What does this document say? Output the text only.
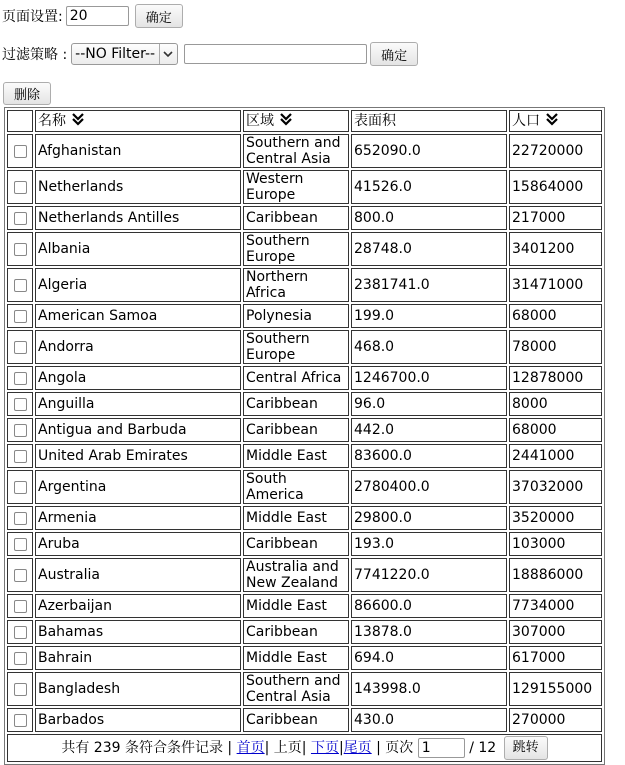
页面设置:
20	确定
过滤策略 : --NO Filter--	确定
删除
	名称	区域	表面积	人口
	Afghanistan	Southern and Central Asia	652090.0	22720000
	Netherlands	Western Europe	41526.0	15864000
	Netherlands Antilles	Caribbean	800.0	217000
	Albania	Southern Europe	28748.0	3401200
	Algeria	Northern Africa	2381741.0	31471000
	American Samoa	Polynesia	199.0	68000
	Andorra	Southern Europe	468.0	78000
	Angola	Central Africa	1246700.0	12878000
	Anguilla	Caribbean	96.0	8000
	Antigua and Barbuda	Caribbean	442.0	68000
	United Arab Emirates	Middle East	83600.0	2441000
	Argentina	South America	2780400.0	37032000
	Armenia	Middle East	29800.0	3520000
	Aruba	Caribbean	193.0	103000
	Australia	Australia and New Zealand	7741220.0	18886000
	Azerbaijan	Middle East	86600.0	7734000
	Bahamas	Caribbean	13878.0	307000
	Bahrain	Middle East	694.0	617000
	Bangladesh	Southern and Central Asia	143998.0	129155000
	Barbados	Caribbean	430.0	270000
共有 239 条符合条件记录 | 首页| 上页| 下页|尾页 | 页次 1 / 12 跳转
